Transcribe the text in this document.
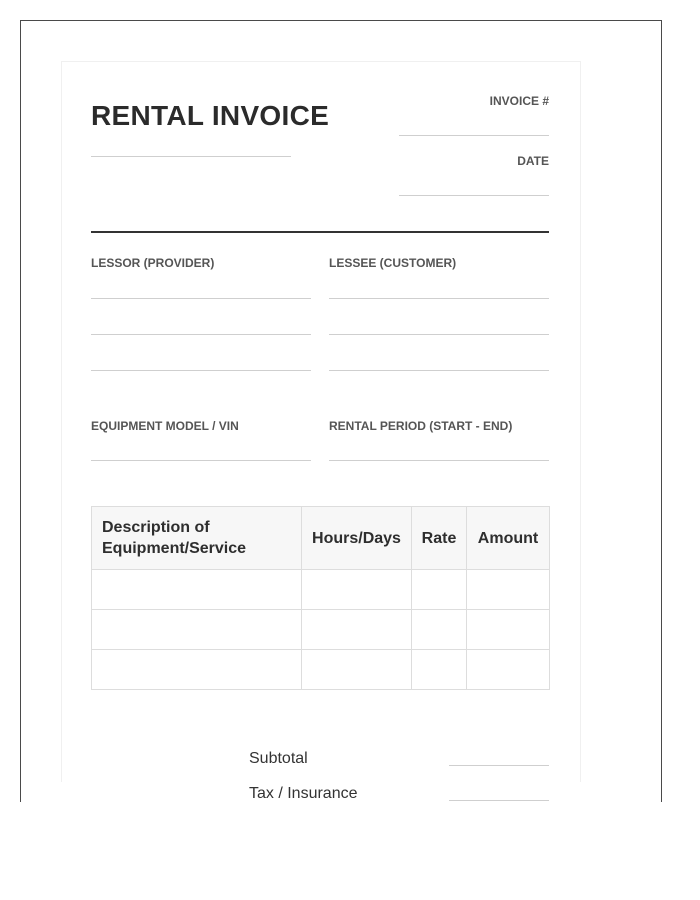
RENTAL INVOICE	INVOICE #
DATE
LESSOR (PROVIDER)	LESSEE (CUSTOMER)
EQUIPMENT MODEL / VIN	RENTAL PERIOD (START - END)
Description of Equipment/Service	Hours/Days	Rate	Amount

Subtotal
Tax / Insurance
